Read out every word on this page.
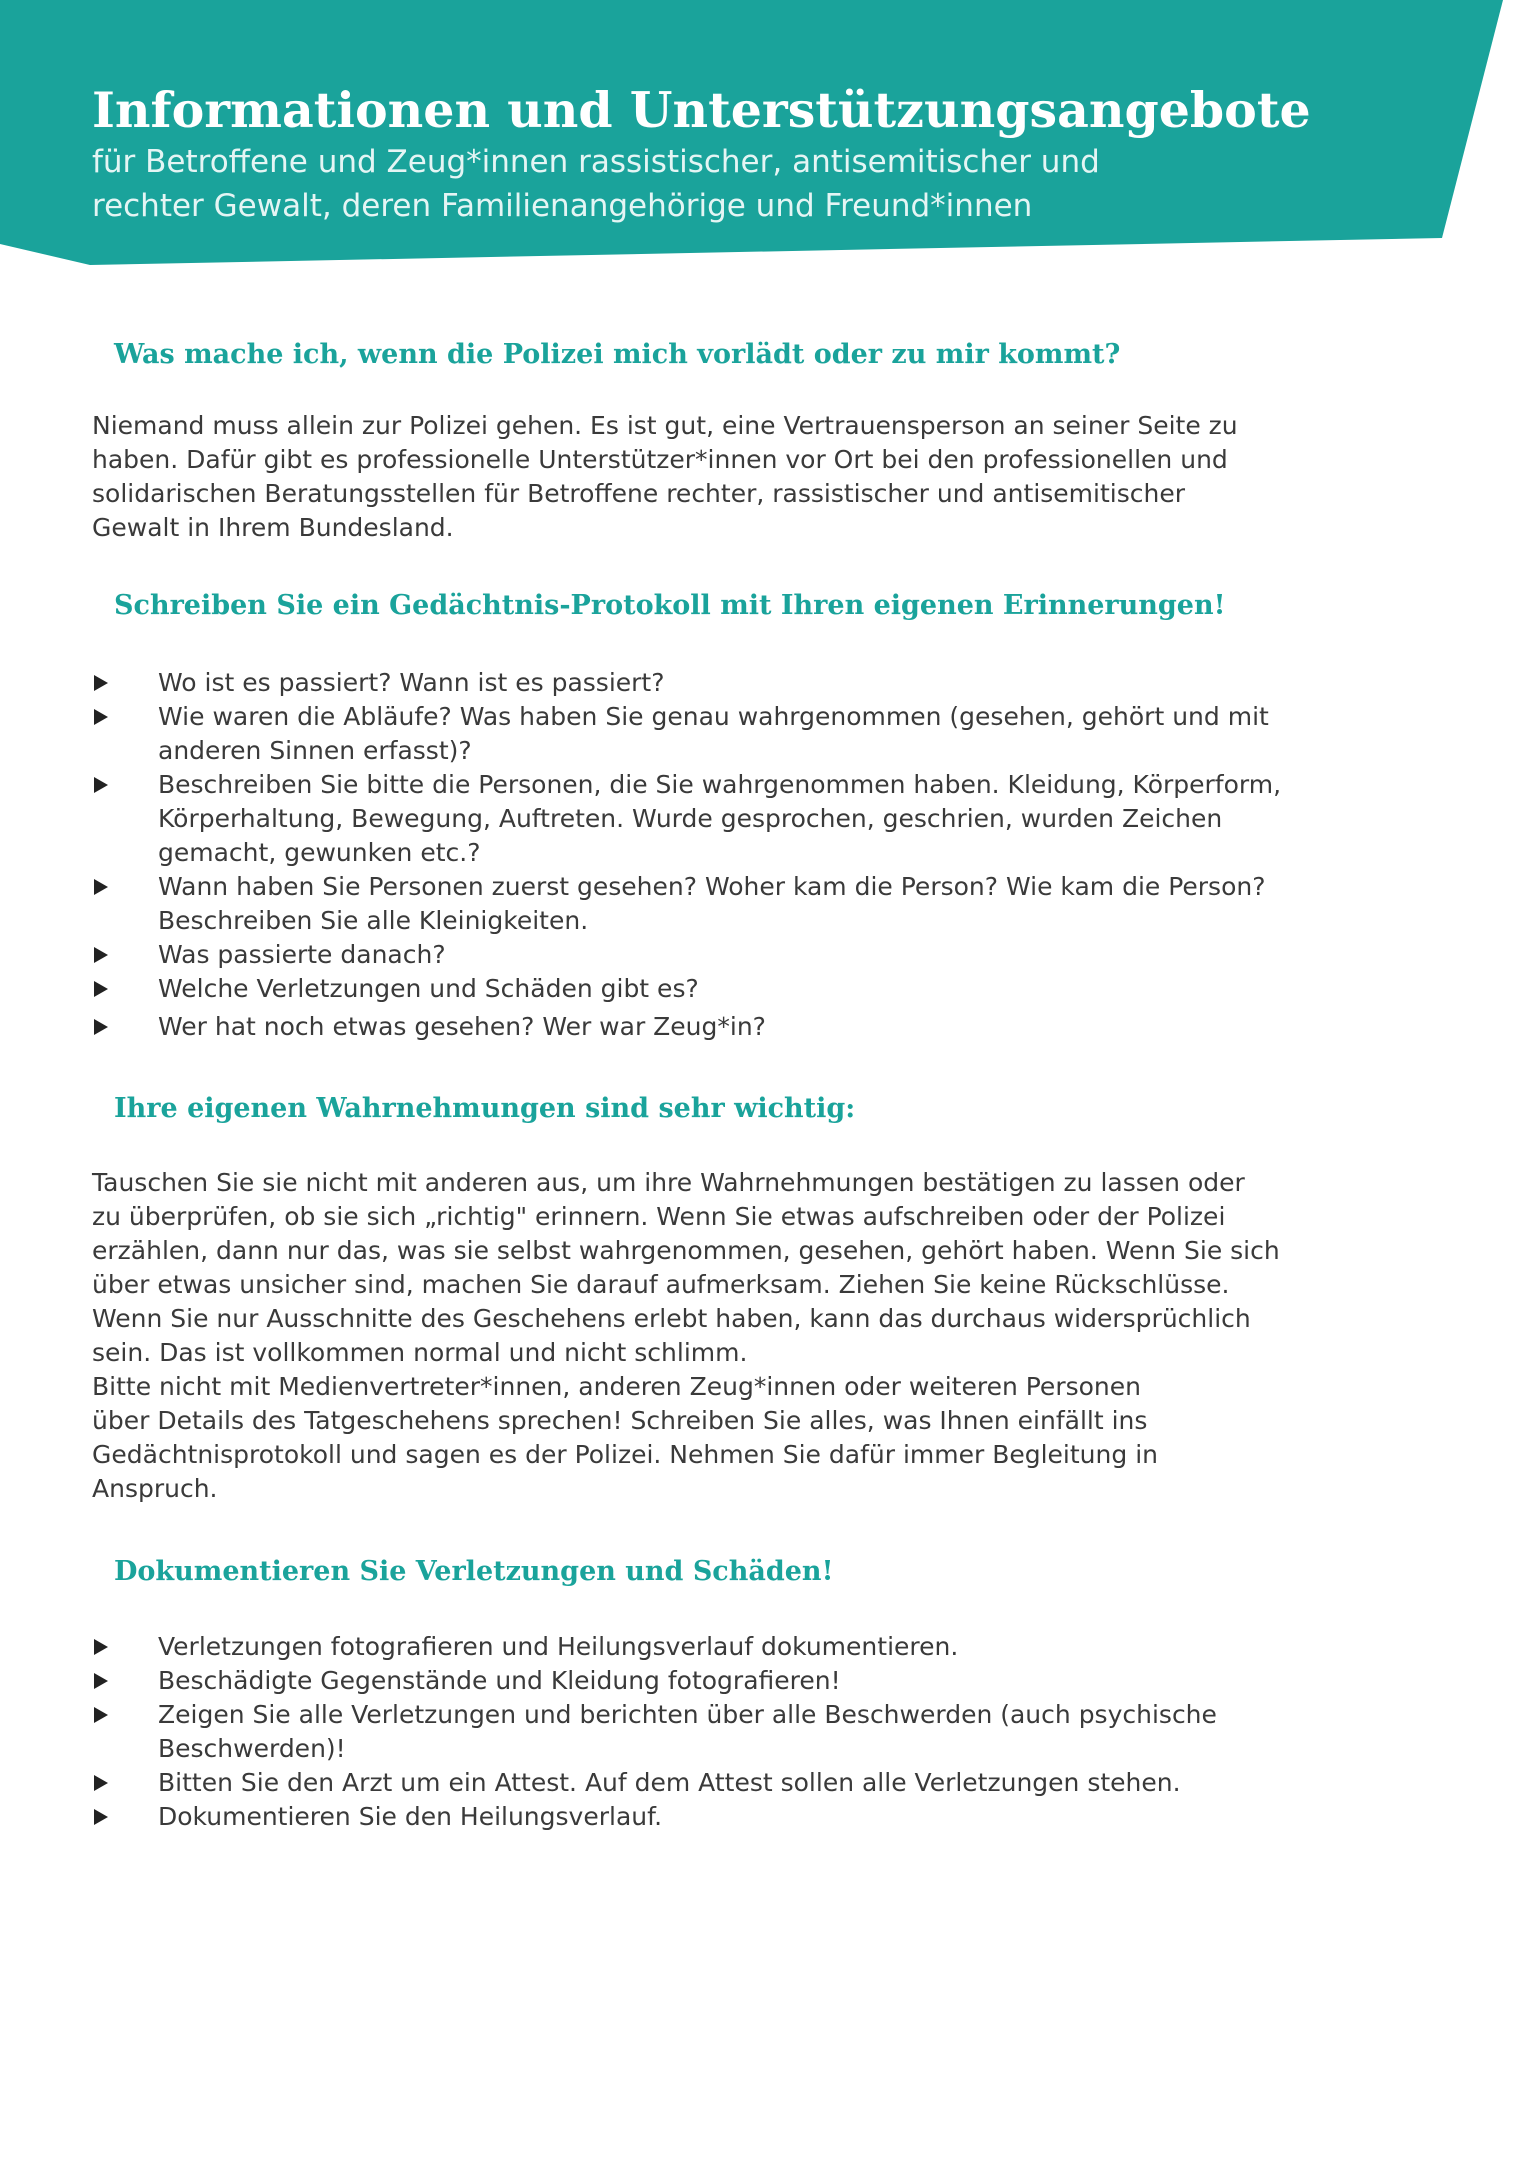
Informationen und Unterstützungsangebote

für Betroffene und Zeug*innen rassistischer, antisemitischer und
rechter Gewalt, deren Familienangehörige und Freund*innen

Was mache ich, wenn die Polizei mich vorlädt oder zu mir kommt?

Niemand muss allein zur Polizei gehen. Es ist gut, eine Vertrauensperson an seiner Seite zu
haben. Dafür gibt es professionelle Unterstützer*innen vor Ort bei den professionellen und
solidarischen Beratungsstellen für Betroffene rechter, rassistischer und antisemitischer
Gewalt in Ihrem Bundesland.

Schreiben Sie ein Gedächtnis-Protokoll mit Ihren eigenen Erinnerungen!
Wo ist es passiert? Wann ist es passiert?
Wie waren die Abläufe? Was haben Sie genau wahrgenommen (gesehen, gehört und mit
anderen Sinnen erfasst)?
Beschreiben Sie bitte die Personen, die Sie wahrgenommen haben. Kleidung, Körperform,
Körperhaltung, Bewegung, Auftreten. Wurde gesprochen, geschrien, wurden Zeichen
gemacht, gewunken etc.?
Wann haben Sie Personen zuerst gesehen? Woher kam die Person? Wie kam die Person?
Beschreiben Sie alle Kleinigkeiten.
Was passierte danach?
Welche Verletzungen und Schäden gibt es?
Wer hat noch etwas gesehen? Wer war Zeug*in?
Ihre eigenen Wahrnehmungen sind sehr wichtig:

Tauschen Sie sie nicht mit anderen aus, um ihre Wahrnehmungen bestätigen zu lassen oder
zu überprüfen, ob sie sich „richtig" erinnern. Wenn Sie etwas aufschreiben oder der Polizei
erzählen, dann nur das, was sie selbst wahrgenommen, gesehen, gehört haben. Wenn Sie sich
über etwas unsicher sind, machen Sie darauf aufmerksam. Ziehen Sie keine Rückschlüsse.
Wenn Sie nur Ausschnitte des Geschehens erlebt haben, kann das durchaus widersprüchlich
sein. Das ist vollkommen normal und nicht schlimm.
Bitte nicht mit Medienvertreter*innen, anderen Zeug*innen oder weiteren Personen
über Details des Tatgeschehens sprechen! Schreiben Sie alles, was Ihnen einfällt ins
Gedächtnisprotokoll und sagen es der Polizei. Nehmen Sie dafür immer Begleitung in
Anspruch.

Dokumentieren Sie Verletzungen und Schäden!
Verletzungen fotografieren und Heilungsverlauf dokumentieren.
Beschädigte Gegenstände und Kleidung fotografieren!
Zeigen Sie alle Verletzungen und berichten über alle Beschwerden (auch psychische
Beschwerden)!
Bitten Sie den Arzt um ein Attest. Auf dem Attest sollen alle Verletzungen stehen.
Dokumentieren Sie den Heilungsverlauf.
